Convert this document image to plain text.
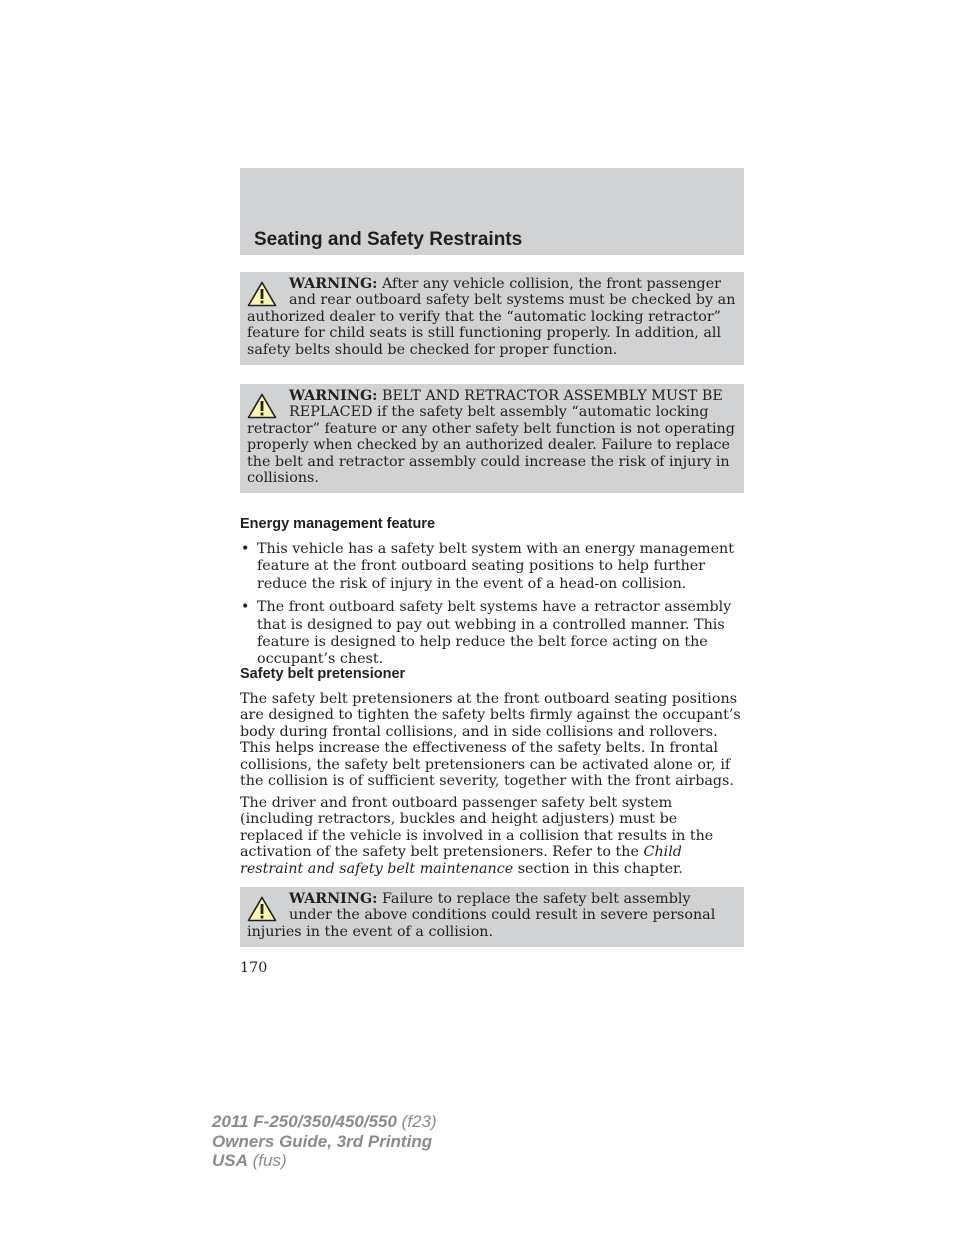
Seating and Safety Restraints
WARNING: After any vehicle collision, the front passenger and rear outboard safety belt systems must be checked by an authorized dealer to verify that the “automatic locking retractor” feature for child seats is still functioning properly. In addition, all safety belts should be checked for proper function.
WARNING: BELT AND RETRACTOR ASSEMBLY MUST BE REPLACED if the safety belt assembly “automatic locking retractor” feature or any other safety belt function is not operating properly when checked by an authorized dealer. Failure to replace the belt and retractor assembly could increase the risk of injury in collisions.
Energy management feature
• This vehicle has a safety belt system with an energy management feature at the front outboard seating positions to help further reduce the risk of injury in the event of a head-on collision.
• The front outboard safety belt systems have a retractor assembly that is designed to pay out webbing in a controlled manner. This feature is designed to help reduce the belt force acting on the occupant’s chest.
Safety belt pretensioner

The safety belt pretensioners at the front outboard seating positions are designed to tighten the safety belts firmly against the occupant’s body during frontal collisions, and in side collisions and rollovers. This helps increase the effectiveness of the safety belts. In frontal collisions, the safety belt pretensioners can be activated alone or, if the collision is of sufficient severity, together with the front airbags.

The driver and front outboard passenger safety belt system (including retractors, buckles and height adjusters) must be replaced if the vehicle is involved in a collision that results in the activation of the safety belt pretensioners. Refer to the Child restraint and safety belt maintenance section in this chapter.

WARNING: Failure to replace the safety belt assembly under the above conditions could result in severe personal injuries in the event of a collision.
170
2011 F-250/350/450/550 (f23)
Owners Guide, 3rd Printing
USA (fus)
